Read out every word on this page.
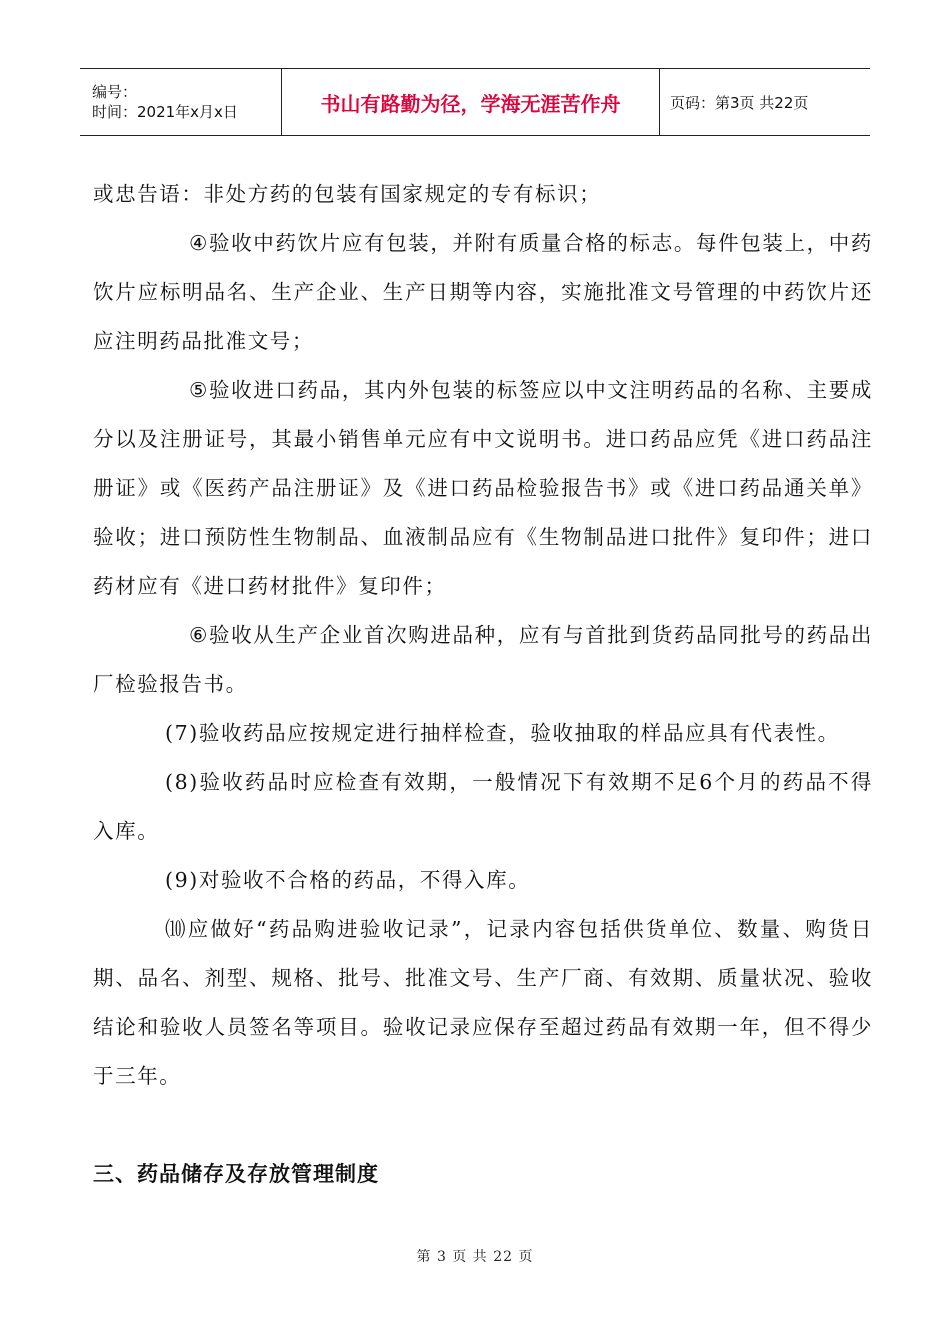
编号：
时间：2021年x月x日	书山有路勤为径，学海无涯苦作舟	页码：第3页 共22页

或忠告语：非处方药的包装有国家规定的专有标识；

④验收中药饮片应有包装，并附有质量合格的标志。每件包装上，中药饮片应标明品名、生产企业、生产日期等内容，实施批准文号管理的中药饮片还应注明药品批准文号；

⑤验收进口药品，其内外包装的标签应以中文注明药品的名称、主要成分以及注册证号，其最小销售单元应有中文说明书。进口药品应凭《进口药品注册证》或《医药产品注册证》及《进口药品检验报告书》或《进口药品通关单》验收；进口预防性生物制品、血液制品应有《生物制品进口批件》复印件；进口药材应有《进口药材批件》复印件；

⑥验收从生产企业首次购进品种，应有与首批到货药品同批号的药品出厂检验报告书。

(7)验收药品应按规定进行抽样检查，验收抽取的样品应具有代表性。

(8)验收药品时应检查有效期，一般情况下有效期不足6个月的药品不得入库。

(9)对验收不合格的药品，不得入库。

⑽应做好“药品购进验收记录”，记录内容包括供货单位、数量、购货日期、品名、剂型、规格、批号、批准文号、生产厂商、有效期、质量状况、验收结论和验收人员签名等项目。验收记录应保存至超过药品有效期一年，但不得少于三年。

三、药品储存及存放管理制度

第 3 页 共 22 页
